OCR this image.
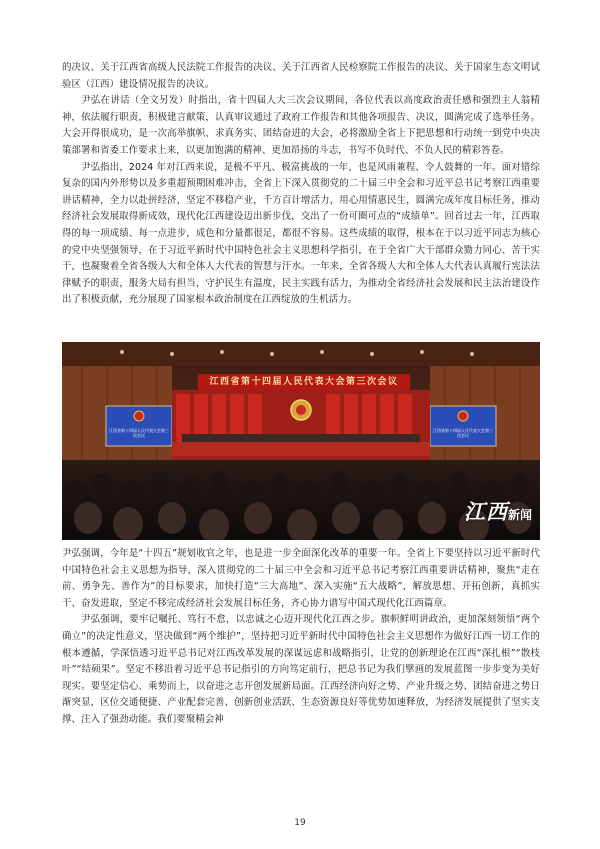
的决议、关于江西省高级人民法院工作报告的决议、关于江西省人民检察院工作报告的决议、关于国家生态文明试验区（江西）建设情况报告的决议。

尹弘在讲话（全文另发）时指出，省十四届人大三次会议期间，各位代表以高度政治责任感和强烈主人翁精神，依法履行职责，积极建言献策，认真审议通过了政府工作报告和其他各项报告、决议，圆满完成了选举任务。大会开得很成功，是一次高举旗帜、求真务实、团结奋进的大会，必将激励全省上下把思想和行动统一到党中央决策部署和省委工作要求上来，以更加饱满的精神、更加昂扬的斗志，书写不负时代、不负人民的精彩答卷。

尹弘指出，2024 年对江西来说，是极不平凡、极富挑战的一年，也是风雨兼程、令人鼓舞的一年。面对错综复杂的国内外形势以及多重超预期困难冲击，全省上下深入贯彻党的二十届三中全会和习近平总书记考察江西重要讲话精神，全力以赴拼经济，坚定不移稳产业，千方百计增活力，用心用情惠民生，圆满完成年度目标任务，推动经济社会发展取得新成效，现代化江西建设迈出新步伐，交出了一份可圈可点的“成绩单”。回首过去一年，江西取得的每一项成绩、每一点进步，成色和分量都很足，都很不容易。这些成绩的取得，根本在于以习近平同志为核心的党中央坚强领导，在于习近平新时代中国特色社会主义思想科学指引，在于全省广大干部群众勠力同心、苦干实干，也凝聚着全省各级人大和全体人大代表的智慧与汗水。一年来，全省各级人大和全体人大代表认真履行宪法法律赋予的职责，服务大局有担当，守护民生有温度，民主实践有活力，为推动全省经济社会发展和民主法治建设作出了积极贡献，充分展现了国家根本政治制度在江西绽放的生机活力。

江西省第十四届人民代表大会第三次会议
江西省第十四届人民代表大会第三次会议
江西省第十四届人民代表大会第三次会议
江西新闻

尹弘强调，今年是“十四五”规划收官之年，也是进一步全面深化改革的重要一年。全省上下要坚持以习近平新时代中国特色社会主义思想为指导，深入贯彻党的二十届三中全会和习近平总书记考察江西重要讲话精神，聚焦“走在前、勇争先、善作为”的目标要求，加快打造“三大高地”、深入实施“五大战略”，解放思想、开拓创新，真抓实干、奋发进取，坚定不移完成经济社会发展目标任务，齐心协力谱写中国式现代化江西篇章。

尹弘强调，要牢记嘱托、笃行不怠，以忠诚之心迈开现代化江西之步。旗帜鲜明讲政治，更加深刻领悟“两个确立”的决定性意义，坚决做到“两个维护”，坚持把习近平新时代中国特色社会主义思想作为做好江西一切工作的根本遵循，学深悟透习近平总书记对江西改革发展的深谋远虑和战略指引，让党的创新理论在江西“深扎根”“散枝叶”“结硕果”。坚定不移沿着习近平总书记指引的方向笃定前行，把总书记为我们擘画的发展蓝图一步步变为美好现实。要坚定信心、乘势而上，以奋进之志开创发展新局面。江西经济向好之势、产业升级之势、团结奋进之势日渐突显，区位交通便捷、产业配套完善、创新创业活跃、生态资源良好等优势加速释放，为经济发展提供了坚实支撑、注入了强劲动能。我们要聚精会神

19
